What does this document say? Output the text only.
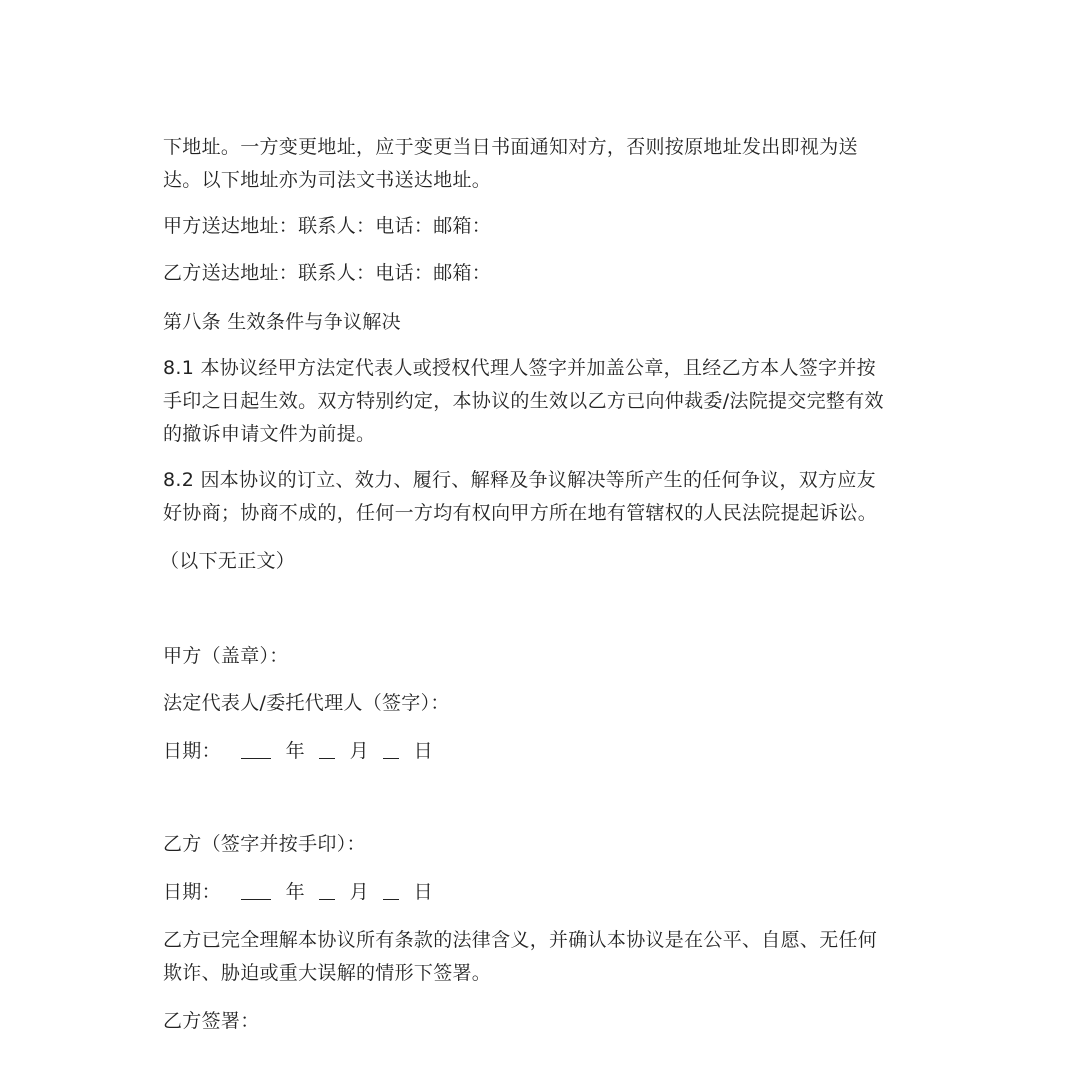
下地址。一方变更地址，应于变更当日书面通知对方，否则按原地址发出即视为送
达。以下地址亦为司法文书送达地址。
甲方送达地址：联系人：电话：邮箱：
乙方送达地址：联系人：电话：邮箱：
第八条 生效条件与争议解决
8.1 本协议经甲方法定代表人或授权代理人签字并加盖公章，且经乙方本人签字并按
手印之日起生效。双方特别约定，本协议的生效以乙方已向仲裁委/法院提交完整有效
的撤诉申请文件为前提。
8.2 因本协议的订立、效力、履行、解释及争议解决等所产生的任何争议，双方应友
好协商；协商不成的，任何一方均有权向甲方所在地有管辖权的人民法院提起诉讼。
（以下无正文）
甲方（盖章）：
法定代表人/委托代理人（签字）：
日期：	年 月 日
乙方（签字并按手印）：
日期：	年 月 日
乙方已完全理解本协议所有条款的法律含义，并确认本协议是在公平、自愿、无任何
欺诈、胁迫或重大误解的情形下签署。
乙方签署：
